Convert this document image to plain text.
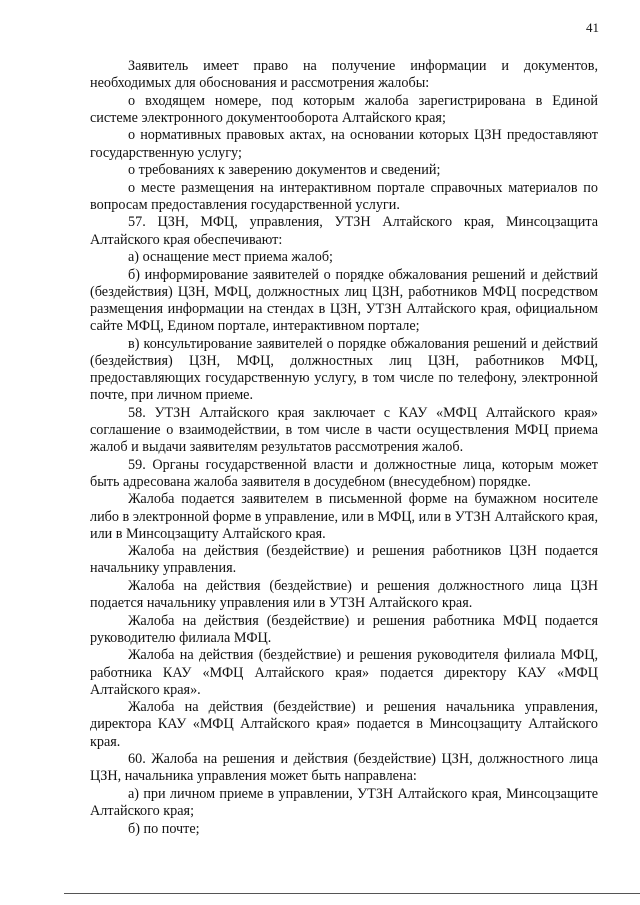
41

Заявитель имеет право на получение информации и документов, необходимых для обоснования и рассмотрения жалобы:

о входящем номере, под которым жалоба зарегистрирована в Единой системе электронного документооборота Алтайского края;

о нормативных правовых актах, на основании которых ЦЗН предоставляют государственную услугу;

о требованиях к заверению документов и сведений;

о месте размещения на интерактивном портале справочных материалов по вопросам предоставления государственной услуги.

57. ЦЗН, МФЦ, управления, УТЗН Алтайского края, Минсоцзащита Алтайского края обеспечивают:

а) оснащение мест приема жалоб;

б) информирование заявителей о порядке обжалования решений и действий (бездействия) ЦЗН, МФЦ, должностных лиц ЦЗН, работников МФЦ посредством размещения информации на стендах в ЦЗН, УТЗН Алтайского края, официальном сайте МФЦ, Едином портале, интерактивном портале;

в) консультирование заявителей о порядке обжалования решений и действий (бездействия) ЦЗН, МФЦ, должностных лиц ЦЗН, работников МФЦ, предоставляющих государственную услугу, в том числе по телефону, электронной почте, при личном приеме.

58. УТЗН Алтайского края заключает с КАУ «МФЦ Алтайского края» соглашение о взаимодействии, в том числе в части осуществления МФЦ приема жалоб и выдачи заявителям результатов рассмотрения жалоб.

59. Органы государственной власти и должностные лица, которым может быть адресована жалоба заявителя в досудебном (внесудебном) порядке.

Жалоба подается заявителем в письменной форме на бумажном носителе либо в электронной форме в управление, или в МФЦ, или в УТЗН Алтайского края, или в Минсоцзащиту Алтайского края.

Жалоба на действия (бездействие) и решения работников ЦЗН подается начальнику управления.

Жалоба на действия (бездействие) и решения должностного лица ЦЗН подается начальнику управления или в УТЗН Алтайского края.

Жалоба на действия (бездействие) и решения работника МФЦ подается руководителю филиала МФЦ.

Жалоба на действия (бездействие) и решения руководителя филиала МФЦ, работника КАУ «МФЦ Алтайского края» подается директору КАУ «МФЦ Алтайского края».

Жалоба на действия (бездействие) и решения начальника управления, директора КАУ «МФЦ Алтайского края» подается в Минсоцзащиту Алтайского края.

60. Жалоба на решения и действия (бездействие) ЦЗН, должностного лица ЦЗН, начальника управления может быть направлена:

а) при личном приеме в управлении, УТЗН Алтайского края, Минсоцзащите Алтайского края;

б) по почте;
